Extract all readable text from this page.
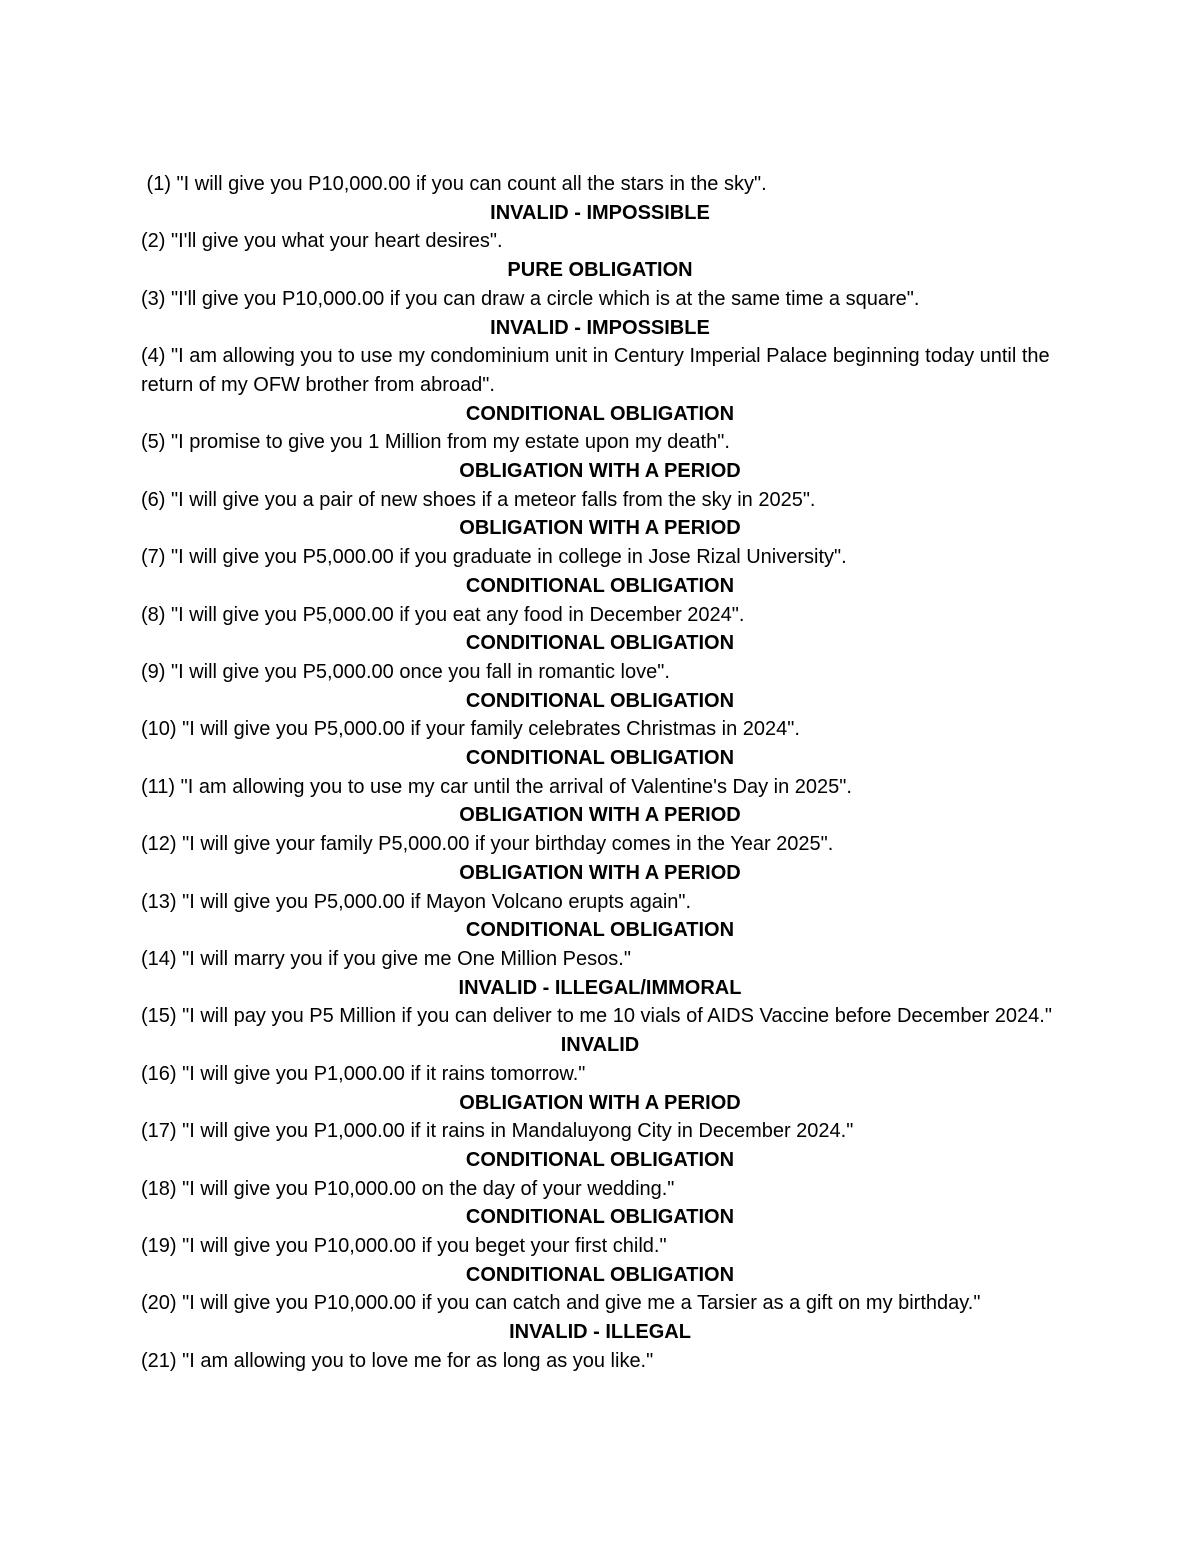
(1) "I will give you P10,000.00 if you can count all the stars in the sky".

INVALID - IMPOSSIBLE

(2) "I'll give you what your heart desires".

PURE OBLIGATION

(3) "I'll give you P10,000.00 if you can draw a circle which is at the same time a square".

INVALID - IMPOSSIBLE

(4) "I am allowing you to use my condominium unit in Century Imperial Palace beginning today until the return of my OFW brother from abroad".

CONDITIONAL OBLIGATION

(5) "I promise to give you 1 Million from my estate upon my death".

OBLIGATION WITH A PERIOD

(6) "I will give you a pair of new shoes if a meteor falls from the sky in 2025".

OBLIGATION WITH A PERIOD

(7) "I will give you P5,000.00 if you graduate in college in Jose Rizal University".

CONDITIONAL OBLIGATION

(8) "I will give you P5,000.00 if you eat any food in December 2024".

CONDITIONAL OBLIGATION

(9) "I will give you P5,000.00 once you fall in romantic love".

CONDITIONAL OBLIGATION

(10) "I will give you P5,000.00 if your family celebrates Christmas in 2024".

CONDITIONAL OBLIGATION

(11) "I am allowing you to use my car until the arrival of Valentine's Day in 2025".

OBLIGATION WITH A PERIOD

(12) "I will give your family P5,000.00 if your birthday comes in the Year 2025".

OBLIGATION WITH A PERIOD

(13) "I will give you P5,000.00 if Mayon Volcano erupts again".

CONDITIONAL OBLIGATION

(14) "I will marry you if you give me One Million Pesos."

INVALID - ILLEGAL/IMMORAL

(15) "I will pay you P5 Million if you can deliver to me 10 vials of AIDS Vaccine before December 2024."

INVALID

(16) "I will give you P1,000.00 if it rains tomorrow."

OBLIGATION WITH A PERIOD

(17) "I will give you P1,000.00 if it rains in Mandaluyong City in December 2024."

CONDITIONAL OBLIGATION

(18) "I will give you P10,000.00 on the day of your wedding."

CONDITIONAL OBLIGATION

(19) "I will give you P10,000.00 if you beget your first child."

CONDITIONAL OBLIGATION

(20) "I will give you P10,000.00 if you can catch and give me a Tarsier as a gift on my birthday."

INVALID - ILLEGAL

(21) "I am allowing you to love me for as long as you like."
